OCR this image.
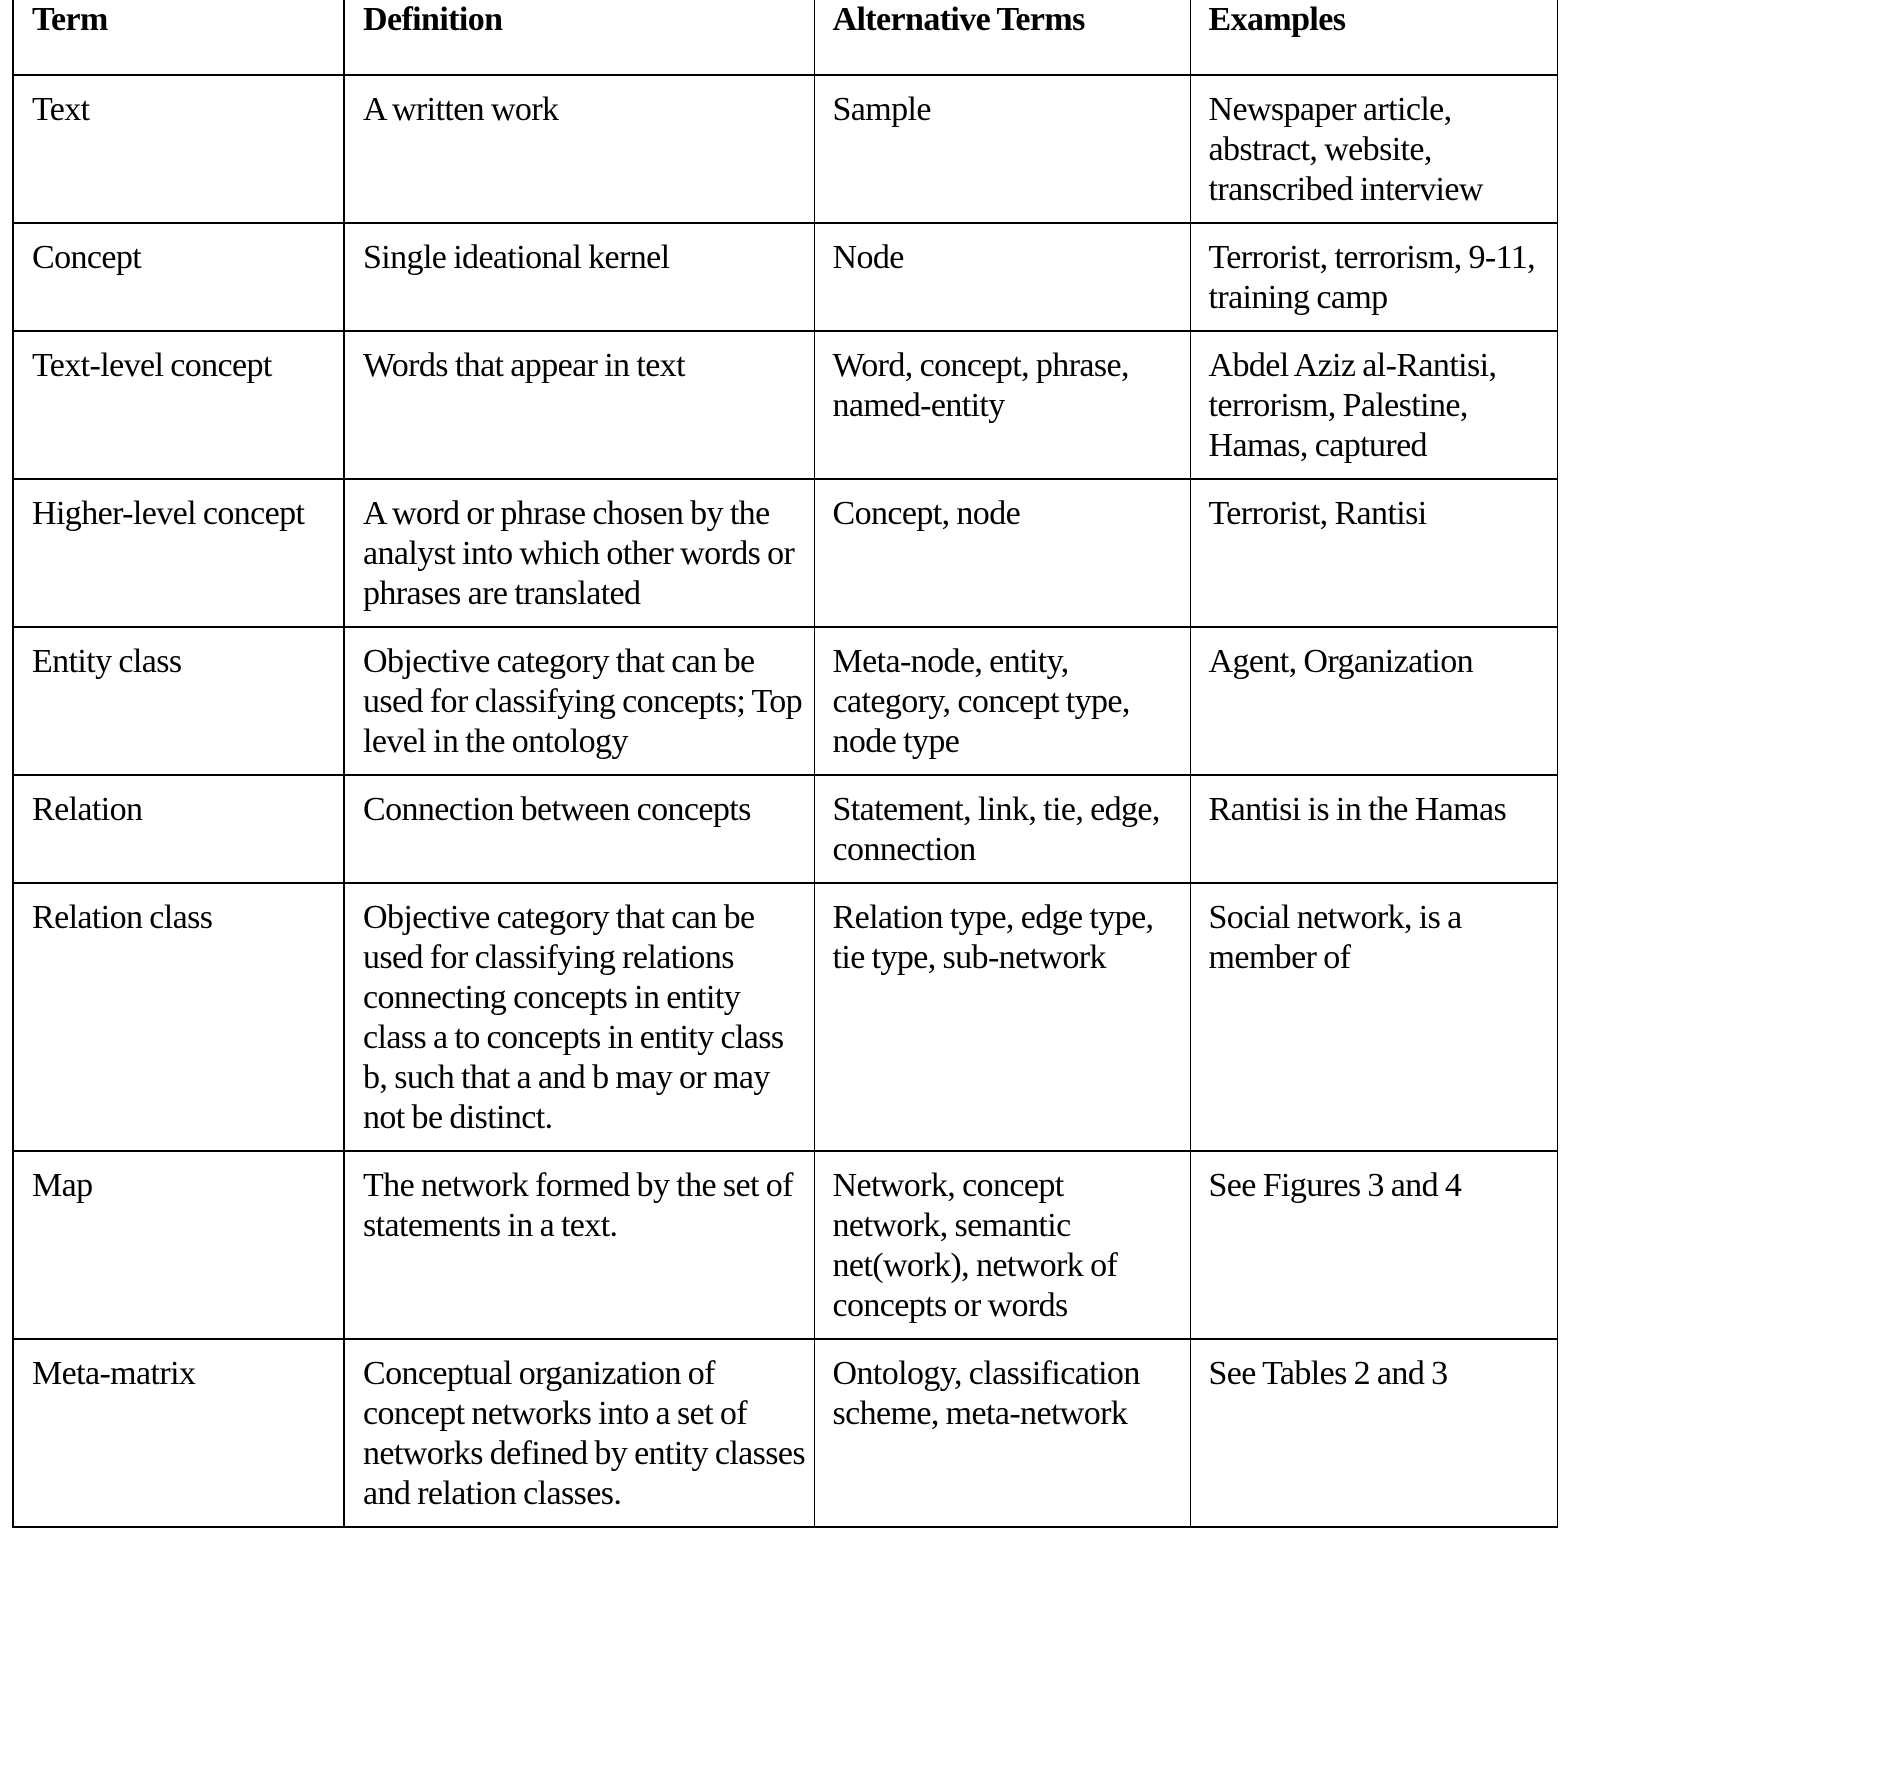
Term	Definition	Alternative Terms	Examples

Text	A written work	Sample	Newspaper article, abstract, website, transcribed interview

Concept	Single ideational kernel	Node	Terrorist, terrorism, 9-11, training camp

Text-level concept	Words that appear in text	Word, concept, phrase, named-entity	Abdel Aziz al-Rantisi, terrorism, Palestine, Hamas, captured

Higher-level concept	A word or phrase chosen by the analyst into which other words or phrases are translated	Concept, node	Terrorist, Rantisi

Entity class	Objective category that can be used for classifying concepts; Top level in the ontology	Meta-node, entity, category, concept type, node type	Agent, Organization

Relation	Connection between concepts	Statement, link, tie, edge, connection	Rantisi is in the Hamas

Relation class	Objective category that can be used for classifying relations connecting concepts in entity class a to concepts in entity class b, such that a and b may or may not be distinct.	Relation type, edge type, tie type, sub-network	Social network, is a member of

Map	The network formed by the set of statements in a text.	Network, concept network, semantic net(work), network of concepts or words	See Figures 3 and 4

Meta-matrix	Conceptual organization of concept networks into a set of networks defined by entity classes and relation classes.	Ontology, classification scheme, meta-network	See Tables 2 and 3
